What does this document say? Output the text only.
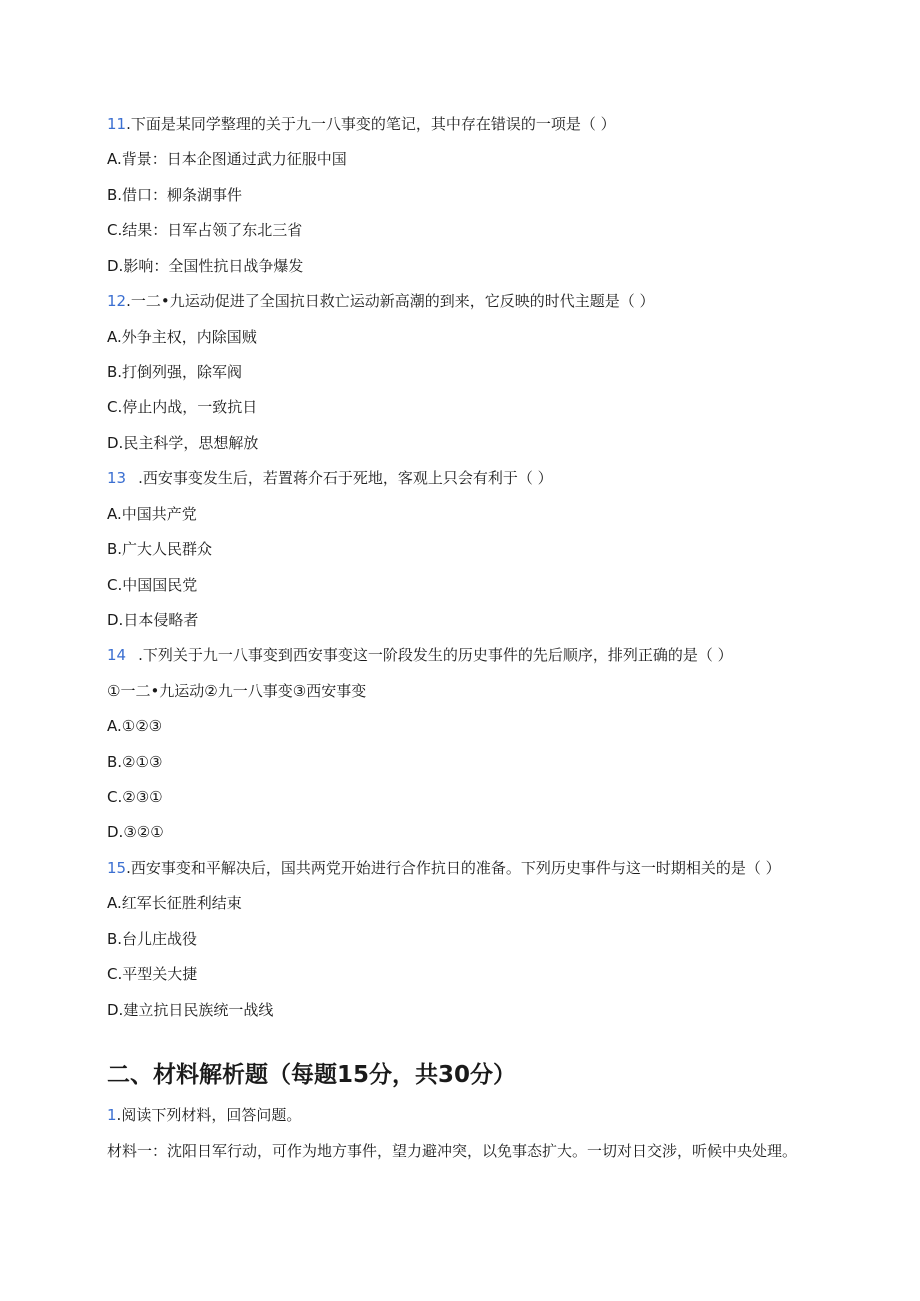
11.下面是某同学整理的关于九一八事变的笔记，其中存在错误的一项是（ ）
A.背景：日本企图通过武力征服中国
B.借口：柳条湖事件
C.结果：日军占领了东北三省
D.影响：全国性抗日战争爆发
12.一二•九运动促进了全国抗日救亡运动新高潮的到来，它反映的时代主题是（ ）
A.外争主权，内除国贼
B.打倒列强，除军阀
C.停止内战，一致抗日
D.民主科学，思想解放
13 .西安事变发生后，若置蒋介石于死地，客观上只会有利于（ ）
A.中国共产党
B.广大人民群众
C.中国国民党
D.日本侵略者
14 .下列关于九一八事变到西安事变这一阶段发生的历史事件的先后顺序，排列正确的是（ ）
①一二•九运动②九一八事变③西安事变
A.①②③
B.②①③
C.②③①
D.③②①
15.西安事变和平解决后，国共两党开始进行合作抗日的准备。下列历史事件与这一时期相关的是（ ）
A.红军长征胜利结束
B.台儿庄战役
C.平型关大捷
D.建立抗日民族统一战线
二、材料解析题（每题15分，共30分）
1.阅读下列材料，回答问题。
材料一：沈阳日军行动，可作为地方事件，望力避冲突，以免事态扩大。一切对日交涉，听候中央处理。
